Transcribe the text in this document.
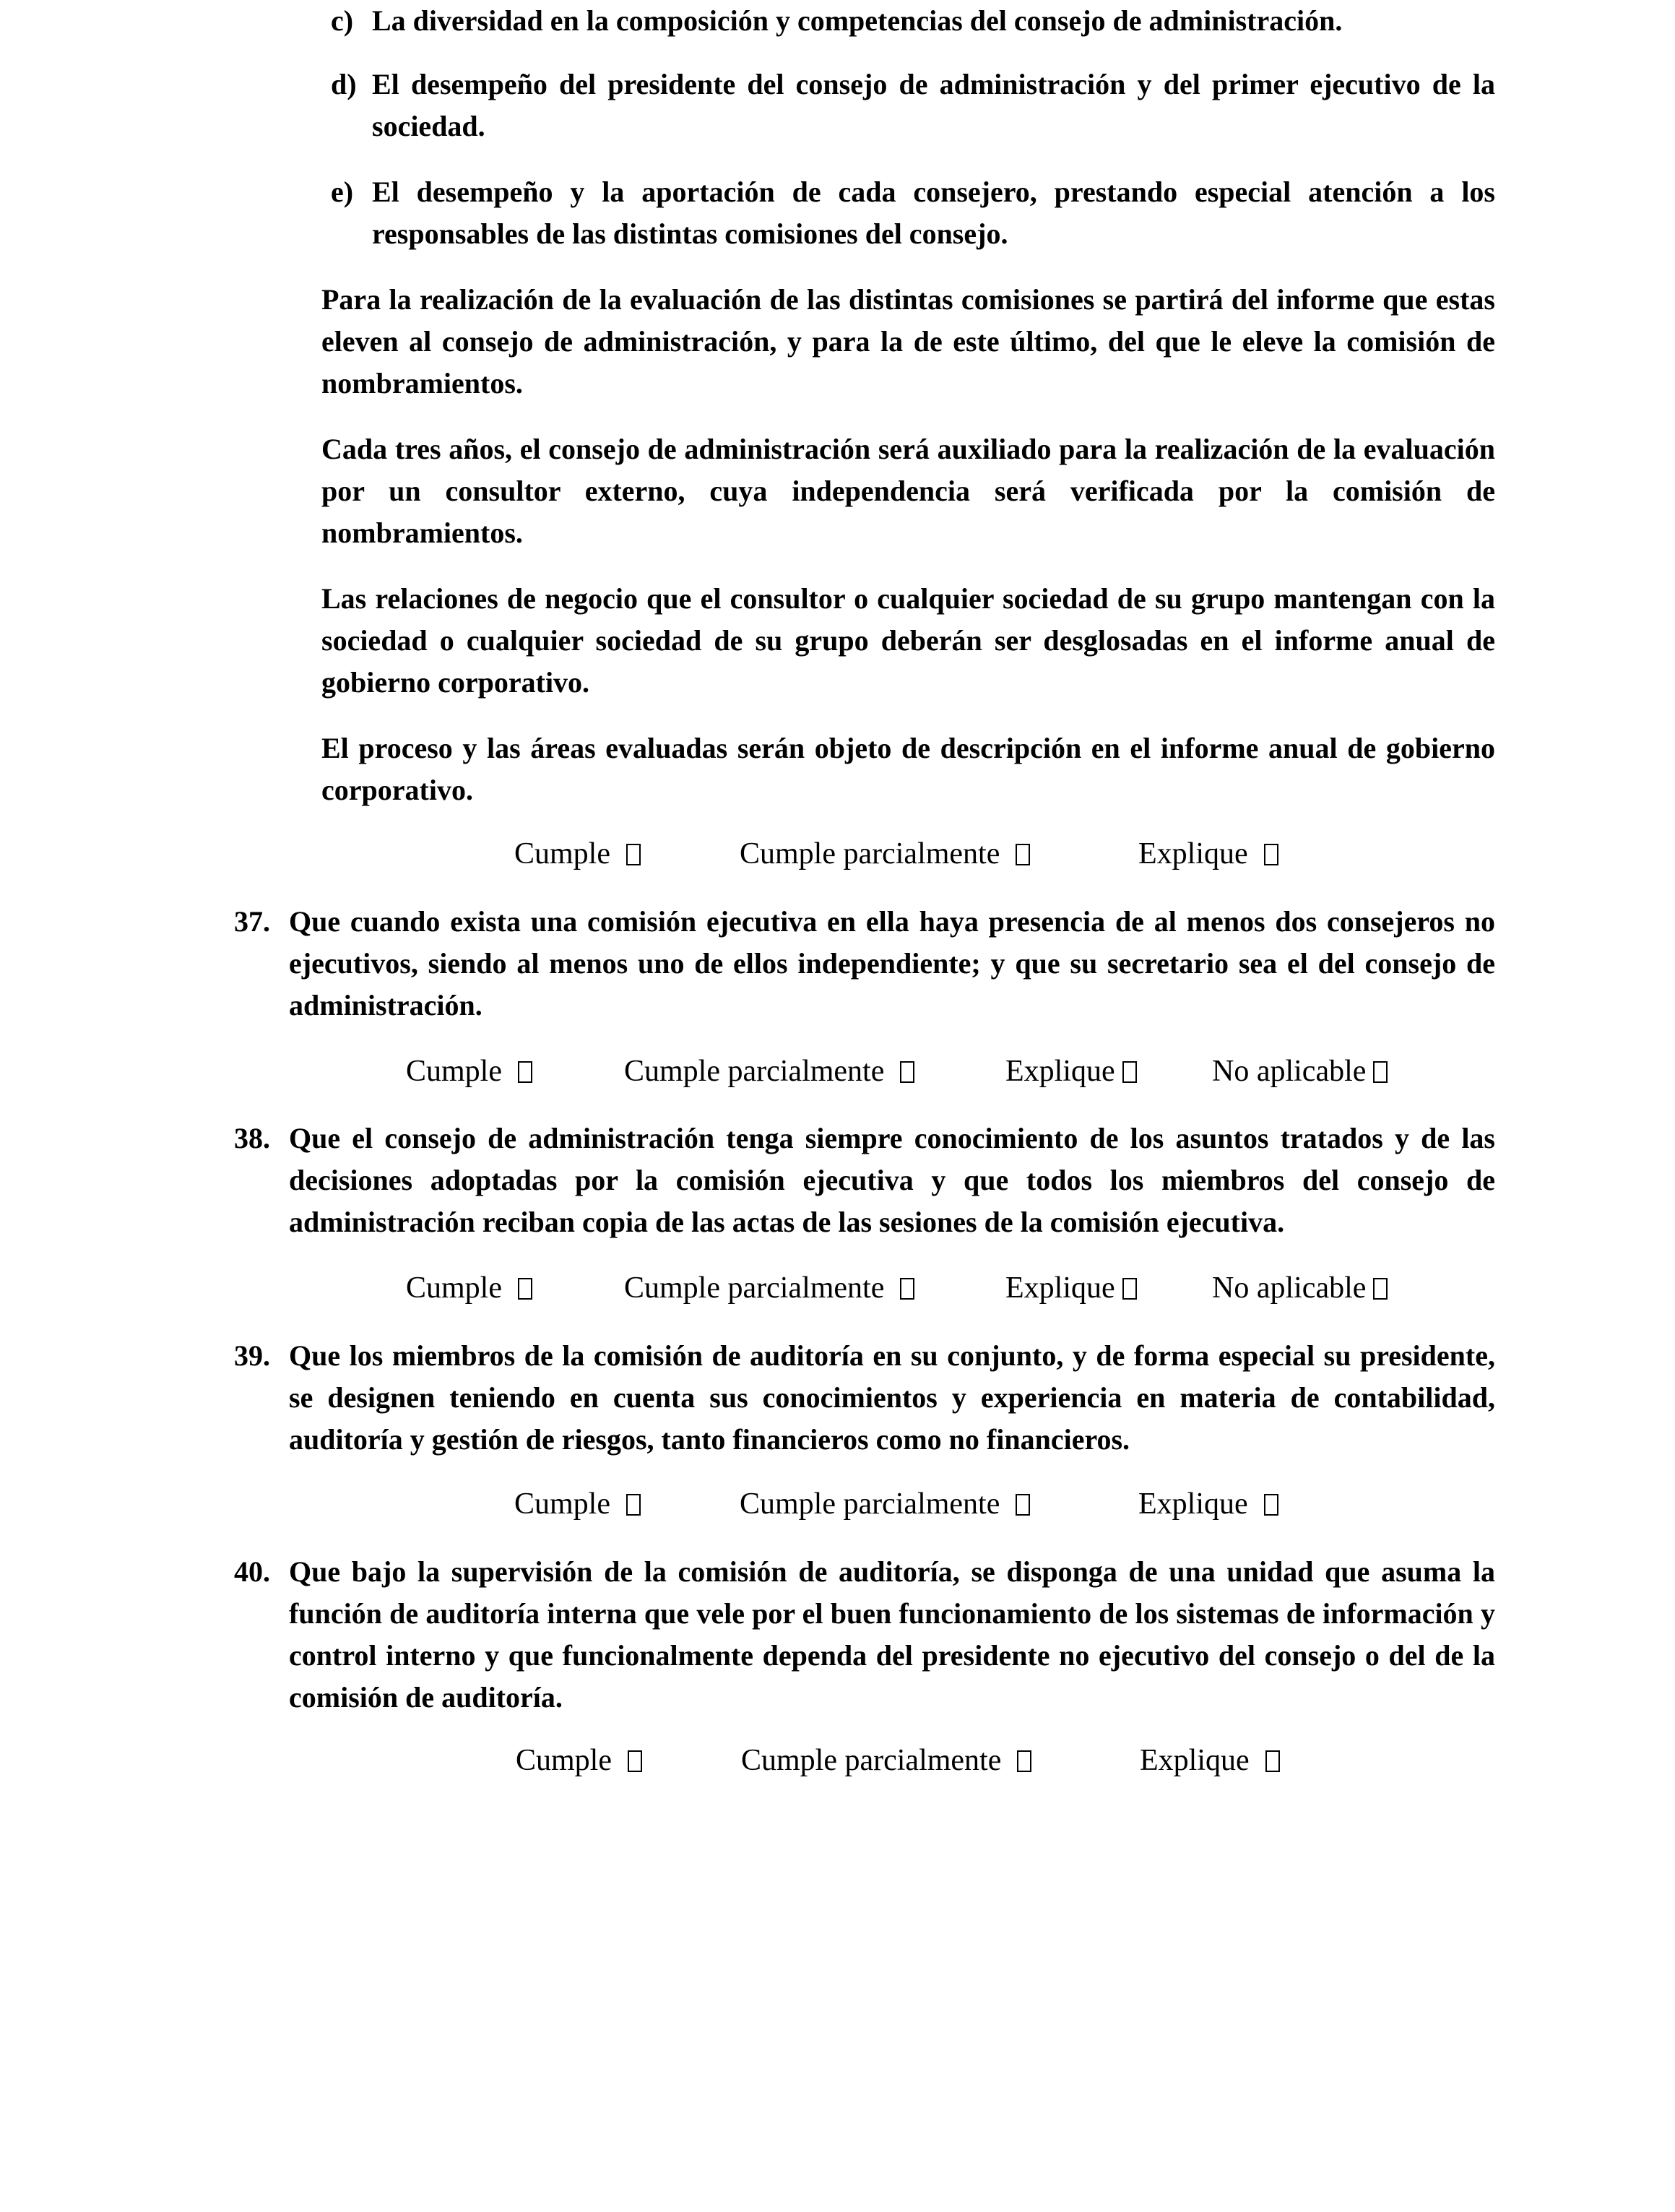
c) La diversidad en la composición y competencias del consejo de administración.

d) El desempeño del presidente del consejo de administración y del primer ejecutivo de la sociedad.

e) El desempeño y la aportación de cada consejero, prestando especial atención a los responsables de las distintas comisiones del consejo.

Para la realización de la evaluación de las distintas comisiones se partirá del informe que estas eleven al consejo de administración, y para la de este último, del que le eleve la comisión de nombramientos.

Cada tres años, el consejo de administración será auxiliado para la realización de la evaluación por un consultor externo, cuya independencia será verificada por la comisión de nombramientos.

Las relaciones de negocio que el consultor o cualquier sociedad de su grupo mantengan con la sociedad o cualquier sociedad de su grupo deberán ser desglosadas en el informe anual de gobierno corporativo.

El proceso y las áreas evaluadas serán objeto de descripción en el informe anual de gobierno corporativo.

Cumple	Cumple parcialmente	Explique
37. Que cuando exista una comisión ejecutiva en ella haya presencia de al menos dos consejeros no ejecutivos, siendo al menos uno de ellos independiente; y que su secretario sea el del consejo de administración.

Cumple	Cumple parcialmente	Explique	No aplicable
38. Que el consejo de administración tenga siempre conocimiento de los asuntos tratados y de las decisiones adoptadas por la comisión ejecutiva y que todos los miembros del consejo de administración reciban copia de las actas de las sesiones de la comisión ejecutiva.

Cumple	Cumple parcialmente	Explique	No aplicable
39. Que los miembros de la comisión de auditoría en su conjunto, y de forma especial su presidente, se designen teniendo en cuenta sus conocimientos y experiencia en materia de contabilidad, auditoría y gestión de riesgos, tanto financieros como no financieros.

Cumple	Cumple parcialmente	Explique
40. Que bajo la supervisión de la comisión de auditoría, se disponga de una unidad que asuma la función de auditoría interna que vele por el buen funcionamiento de los sistemas de información y control interno y que funcionalmente dependa del presidente no ejecutivo del consejo o del de la comisión de auditoría.

Cumple	Cumple parcialmente	Explique
